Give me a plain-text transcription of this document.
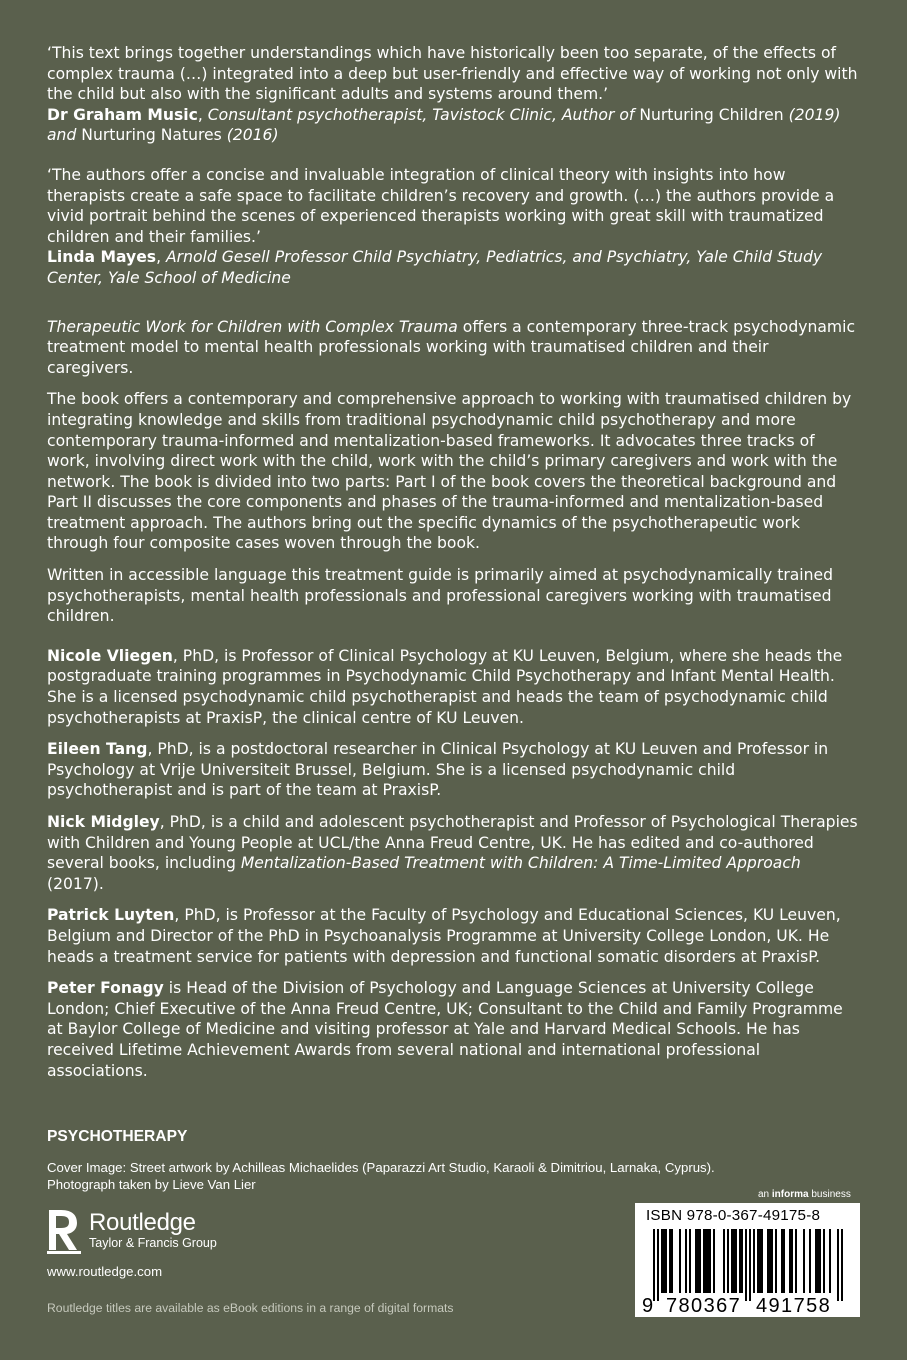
‘This text brings together understandings which have historically been too separate, of the effects of complex trauma (…) integrated into a deep but user-friendly and effective way of working not only with the child but also with the significant adults and systems around them.’
Dr Graham Music, Consultant psychotherapist, Tavistock Clinic, Author of Nurturing Children (2019) and Nurturing Natures (2016)

‘The authors offer a concise and invaluable integration of clinical theory with insights into how therapists create a safe space to facilitate children’s recovery and growth. (…) the authors provide a vivid portrait behind the scenes of experienced therapists working with great skill with traumatized children and their families.’
Linda Mayes, Arnold Gesell Professor Child Psychiatry, Pediatrics, and Psychiatry, Yale Child Study Center, Yale School of Medicine

Therapeutic Work for Children with Complex Trauma offers a contemporary three-track psychodynamic treatment model to mental health professionals working with traumatised children and their caregivers.

The book offers a contemporary and comprehensive approach to working with traumatised children by integrating knowledge and skills from traditional psychodynamic child psychotherapy and more contemporary trauma-informed and mentalization-based frameworks. It advocates three tracks of work, involving direct work with the child, work with the child’s primary caregivers and work with the network. The book is divided into two parts: Part I of the book covers the theoretical background and Part II discusses the core components and phases of the trauma-informed and mentalization-based treatment approach. The authors bring out the specific dynamics of the psychotherapeutic work through four composite cases woven through the book.

Written in accessible language this treatment guide is primarily aimed at psychodynamically trained psychotherapists, mental health professionals and professional caregivers working with traumatised children.

Nicole Vliegen, PhD, is Professor of Clinical Psychology at KU Leuven, Belgium, where she heads the postgraduate training programmes in Psychodynamic Child Psychotherapy and Infant Mental Health. She is a licensed psychodynamic child psychotherapist and heads the team of psychodynamic child psychotherapists at PraxisP, the clinical centre of KU Leuven.

Eileen Tang, PhD, is a postdoctoral researcher in Clinical Psychology at KU Leuven and Professor in Psychology at Vrije Universiteit Brussel, Belgium. She is a licensed psychodynamic child psychotherapist and is part of the team at PraxisP.

Nick Midgley, PhD, is a child and adolescent psychotherapist and Professor of Psychological Therapies with Children and Young People at UCL/the Anna Freud Centre, UK. He has edited and co-authored several books, including Mentalization-Based Treatment with Children: A Time-Limited Approach (2017).

Patrick Luyten, PhD, is Professor at the Faculty of Psychology and Educational Sciences, KU Leuven, Belgium and Director of the PhD in Psychoanalysis Programme at University College London, UK. He heads a treatment service for patients with depression and functional somatic disorders at PraxisP.

Peter Fonagy is Head of the Division of Psychology and Language Sciences at University College London; Chief Executive of the Anna Freud Centre, UK; Consultant to the Child and Family Programme at Baylor College of Medicine and visiting professor at Yale and Harvard Medical Schools. He has received Lifetime Achievement Awards from several national and international professional associations.

PSYCHOTHERAPY
Cover Image: Street artwork by Achilleas Michaelides (Paparazzi Art Studio, Karaoli & Dimitriou, Larnaka, Cyprus).
Photograph taken by Lieve Van Lier
an informa business
Routledge
Taylor & Francis Group
www.routledge.com
Routledge titles are available as eBook editions in a range of digital formats
ISBN 978-0-367-49175-8
9 780367 491758
